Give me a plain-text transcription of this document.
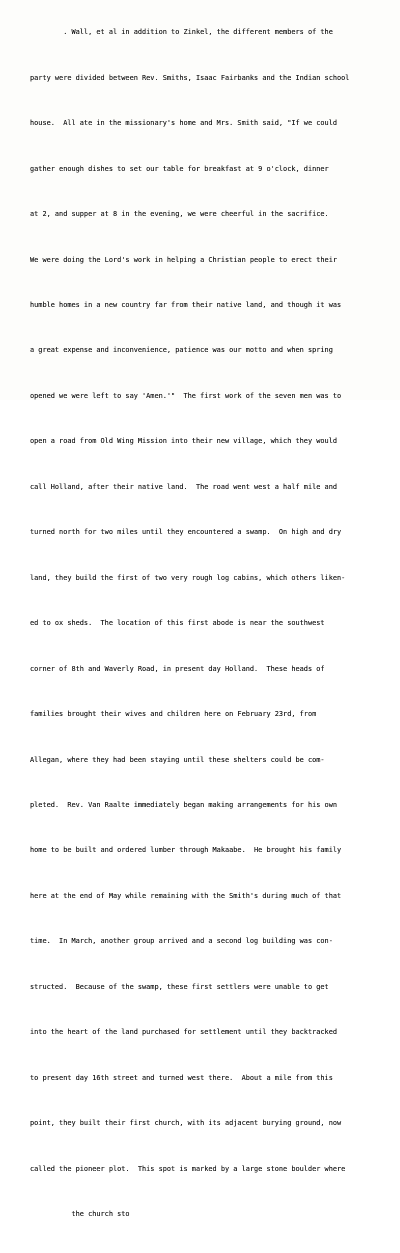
. Wall, et al in addition to Zinkel, the different members of the

party were divided between Rev. Smiths, Isaac Fairbanks and the Indian school

house.  All ate in the missionary's home and Mrs. Smith said, "If we could

gather enough dishes to set our table for breakfast at 9 o'clock, dinner

at 2, and supper at 8 in the evening, we were cheerful in the sacrifice.

We were doing the Lord's work in helping a Christian people to erect their

humble homes in a new country far from their native land, and though it was

a great expense and inconvenience, patience was our motto and when spring

opened we were left to say 'Amen.'"  The first work of the seven men was to

open a road from Old Wing Mission into their new village, which they would

call Holland, after their native land.  The road went west a half mile and

turned north for two miles until they encountered a swamp.  On high and dry

land, they build the first of two very rough log cabins, which others liken-

ed to ox sheds.  The location of this first abode is near the southwest

corner of 8th and Waverly Road, in present day Holland.  These heads of

families brought their wives and children here on February 23rd, from

Allegan, where they had been staying until these shelters could be com-

pleted.  Rev. Van Raalte immediately began making arrangements for his own

home to be built and ordered lumber through Makaabe.  He brought his family

here at the end of May while remaining with the Smith's during much of that

time.  In March, another group arrived and a second log building was con-

structed.  Because of the swamp, these first settlers were unable to get

into the heart of the land purchased for settlement until they backtracked

to present day 16th street and turned west there.  About a mile from this

point, they built their first church, with its adjacent burying ground, now

called the pioneer plot.  This spot is marked by a large stone boulder where

the church sto
